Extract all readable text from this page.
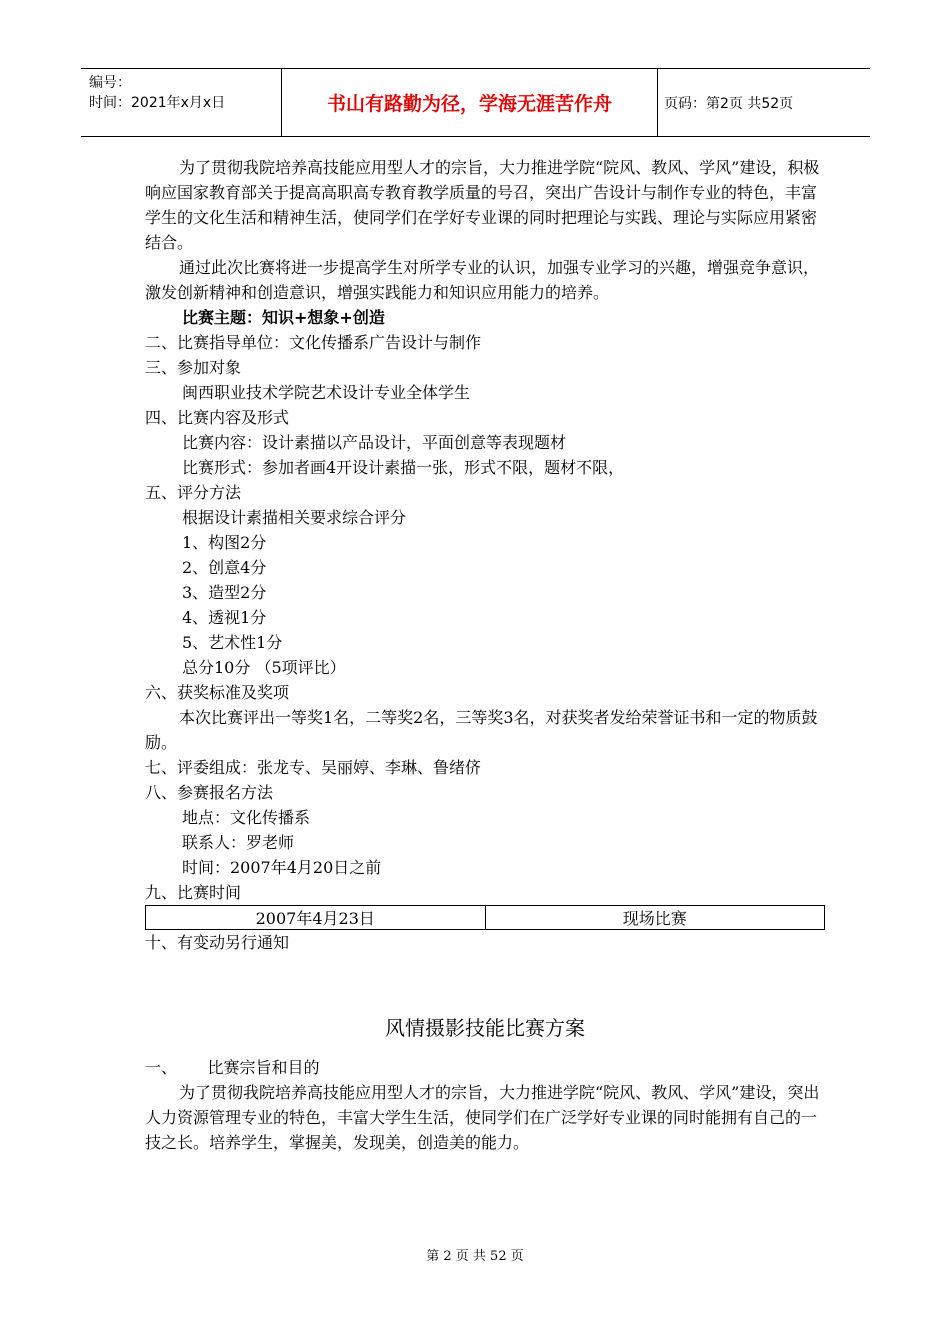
编号：
时间：2021年x月x日	书山有路勤为径，学海无涯苦作舟	页码：第2页 共52页

为了贯彻我院培养高技能应用型人才的宗旨，大力推进学院“院风、教风、学风”建设，积极响应国家教育部关于提高高职高专教育教学质量的号召，突出广告设计与制作专业的特色，丰富学生的文化生活和精神生活，使同学们在学好专业课的同时把理论与实践、理论与实际应用紧密结合。

通过此次比赛将进一步提高学生对所学专业的认识，加强专业学习的兴趣，增强竞争意识，激发创新精神和创造意识，增强实践能力和知识应用能力的培养。

比赛主题：知识+想象+创造

二、比赛指导单位：文化传播系广告设计与制作

三、参加对象

闽西职业技术学院艺术设计专业全体学生

四、比赛内容及形式

比赛内容：设计素描以产品设计，平面创意等表现题材

比赛形式：参加者画4开设计素描一张，形式不限，题材不限，

五、评分方法

根据设计素描相关要求综合评分

1、构图2分

2、创意4分

3、造型2分

4、透视1分

5、艺术性1分

总分10分 （5项评比）

六、获奖标准及奖项

本次比赛评出一等奖1名，二等奖2名，三等奖3名，对获奖者发给荣誉证书和一定的物质鼓励。

七、评委组成：张龙专、吴丽婷、李琳、鲁绪侪

八、参赛报名方法

地点：文化传播系

联系人：罗老师

时间：2007年4月20日之前

九、比赛时间

2007年4月23日	现场比赛

十、有变动另行通知

风情摄影技能比赛方案

一、      比赛宗旨和目的

为了贯彻我院培养高技能应用型人才的宗旨，大力推进学院“院风、教风、学风”建设，突出人力资源管理专业的特色，丰富大学生生活，使同学们在广泛学好专业课的同时能拥有自己的一技之长。培养学生，掌握美，发现美，创造美的能力。

第 2 页 共 52 页
